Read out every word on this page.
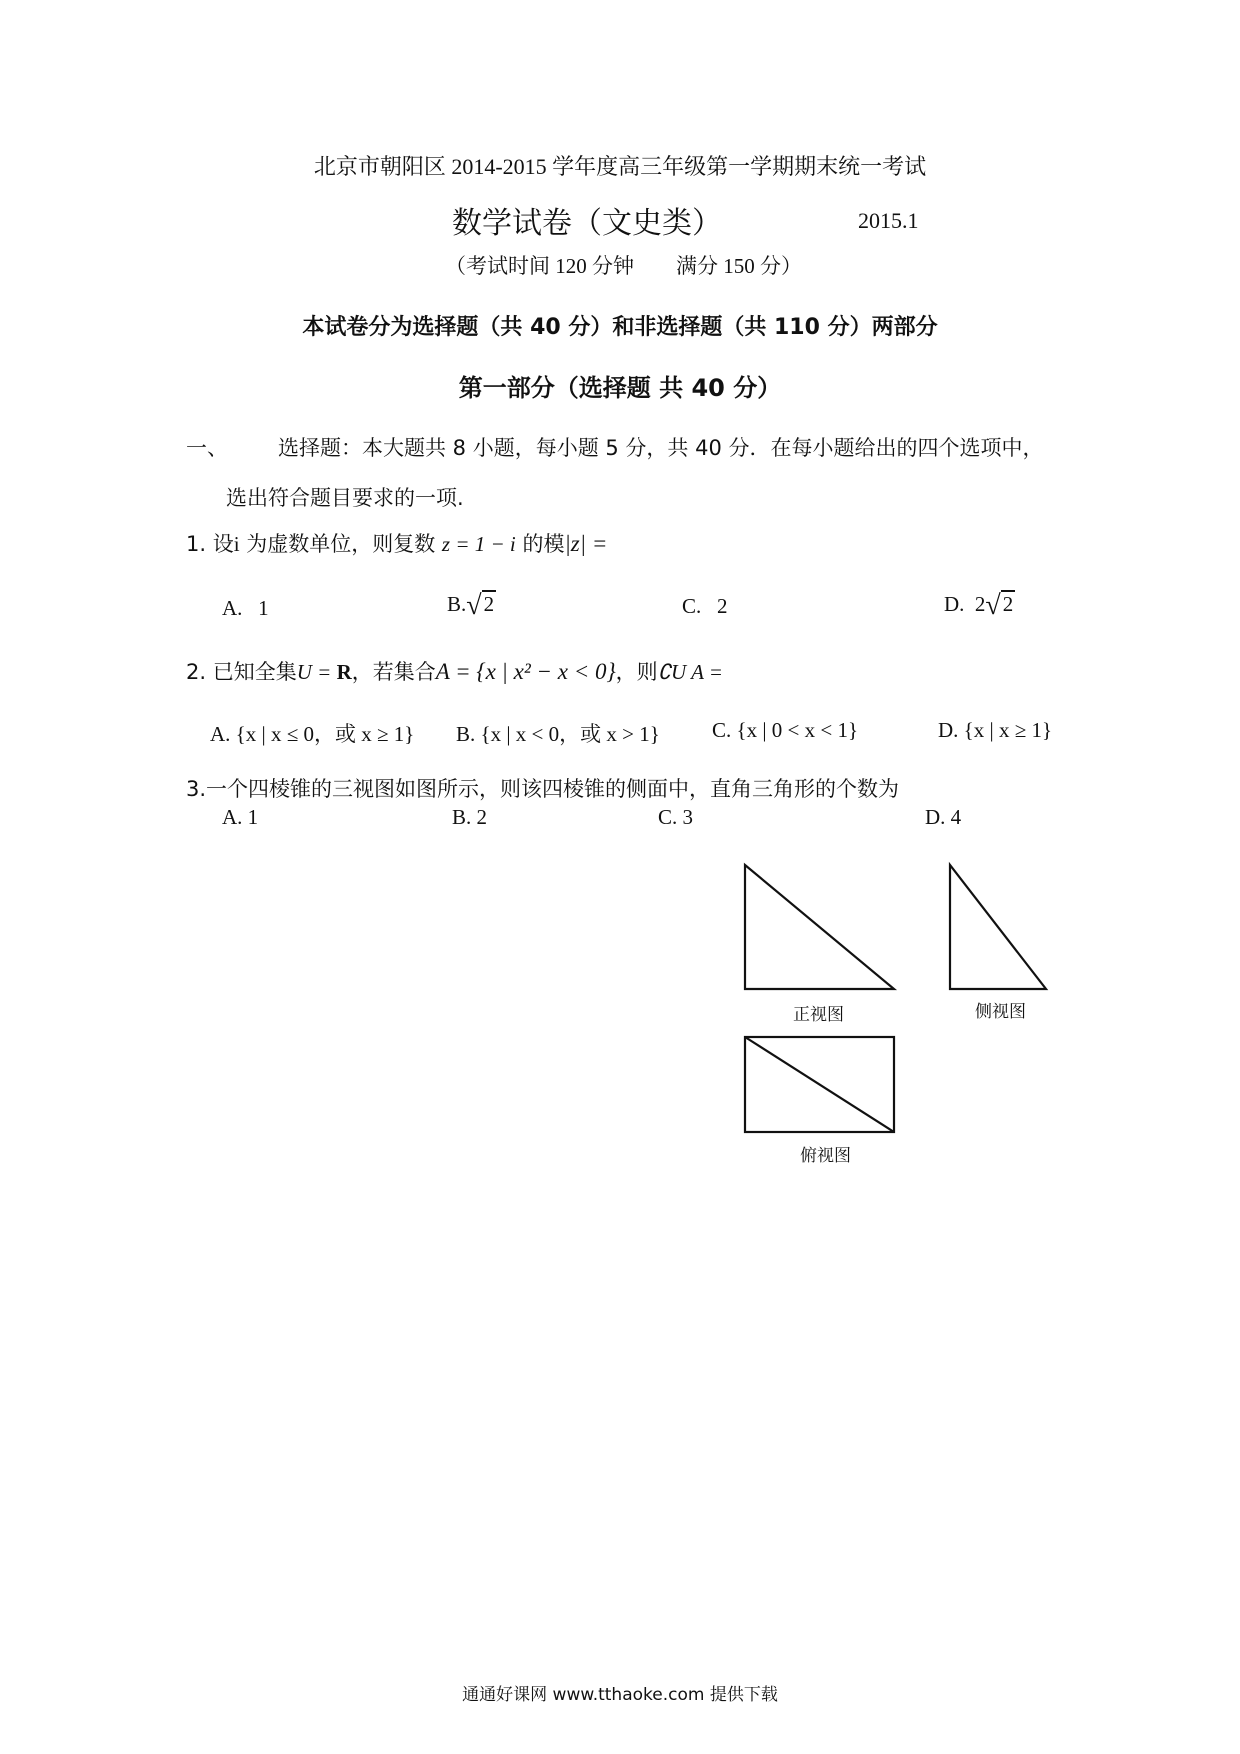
北京市朝阳区 2014-2015 学年度高三年级第一学期期末统一考试
数学试卷（文史类）	2015.1
（考试时间 120 分钟　　满分 150 分）
本试卷分为选择题（共 40 分）和非选择题（共 110 分）两部分
第一部分（选择题 共 40 分）
一、 选择题：本大题共 8 小题，每小题 5 分，共 40 分．在每小题给出的四个选项中，
选出符合题目要求的一项.
1. 设i 为虚数单位，则复数 z = 1 − i 的模|z| =
A. 1	B.√2	C. 2	D. 2√2
2. 已知全集U = R，若集合A = {x | x² − x < 0}，则∁U A =
A. {x | x ≤ 0，或 x ≥ 1} B. {x | x < 0，或 x > 1} C. {x | 0 < x < 1}	D. {x | x ≥ 1}
3.一个四棱锥的三视图如图所示，则该四棱锥的侧面中，直角三角形的个数为
A. 1	B. 2	C. 3	D. 4
正视图	侧视图
俯视图
通通好课网 www.tthaoke.com 提供下载
